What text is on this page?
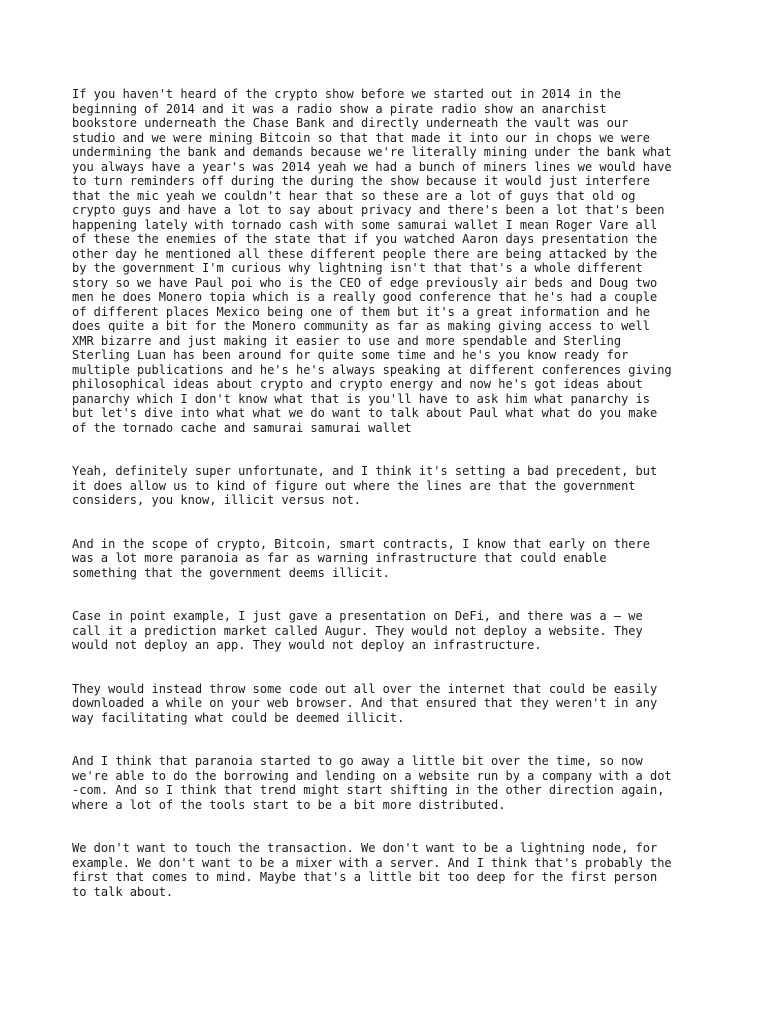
If you haven't heard of the crypto show before we started out in 2014 in the
beginning of 2014 and it was a radio show a pirate radio show an anarchist
bookstore underneath the Chase Bank and directly underneath the vault was our
studio and we were mining Bitcoin so that that made it into our in chops we were
undermining the bank and demands because we're literally mining under the bank what
you always have a year's was 2014 yeah we had a bunch of miners lines we would have
to turn reminders off during the during the show because it would just interfere
that the mic yeah we couldn't hear that so these are a lot of guys that old og
crypto guys and have a lot to say about privacy and there's been a lot that's been
happening lately with tornado cash with some samurai wallet I mean Roger Vare all
of these the enemies of the state that if you watched Aaron days presentation the
other day he mentioned all these different people there are being attacked by the
by the government I'm curious why lightning isn't that that's a whole different
story so we have Paul poi who is the CEO of edge previously air beds and Doug two
men he does Monero topia which is a really good conference that he's had a couple
of different places Mexico being one of them but it's a great information and he
does quite a bit for the Monero community as far as making giving access to well
XMR bizarre and just making it easier to use and more spendable and Sterling
Sterling Luan has been around for quite some time and he's you know ready for
multiple publications and he's he's always speaking at different conferences giving
philosophical ideas about crypto and crypto energy and now he's got ideas about
panarchy which I don't know what that is you'll have to ask him what panarchy is
but let's dive into what what we do want to talk about Paul what what do you make
of the tornado cache and samurai samurai wallet

Yeah, definitely super unfortunate, and I think it's setting a bad precedent, but
it does allow us to kind of figure out where the lines are that the government
considers, you know, illicit versus not.

And in the scope of crypto, Bitcoin, smart contracts, I know that early on there
was a lot more paranoia as far as warning infrastructure that could enable
something that the government deems illicit.

Case in point example, I just gave a presentation on DeFi, and there was a – we
call it a prediction market called Augur. They would not deploy a website. They
would not deploy an app. They would not deploy an infrastructure.

They would instead throw some code out all over the internet that could be easily
downloaded a while on your web browser. And that ensured that they weren't in any
way facilitating what could be deemed illicit.

And I think that paranoia started to go away a little bit over the time, so now
we're able to do the borrowing and lending on a website run by a company with a dot
-com. And so I think that trend might start shifting in the other direction again,
where a lot of the tools start to be a bit more distributed.

We don't want to touch the transaction. We don't want to be a lightning node, for
example. We don't want to be a mixer with a server. And I think that's probably the
first that comes to mind. Maybe that's a little bit too deep for the first person
to talk about.
